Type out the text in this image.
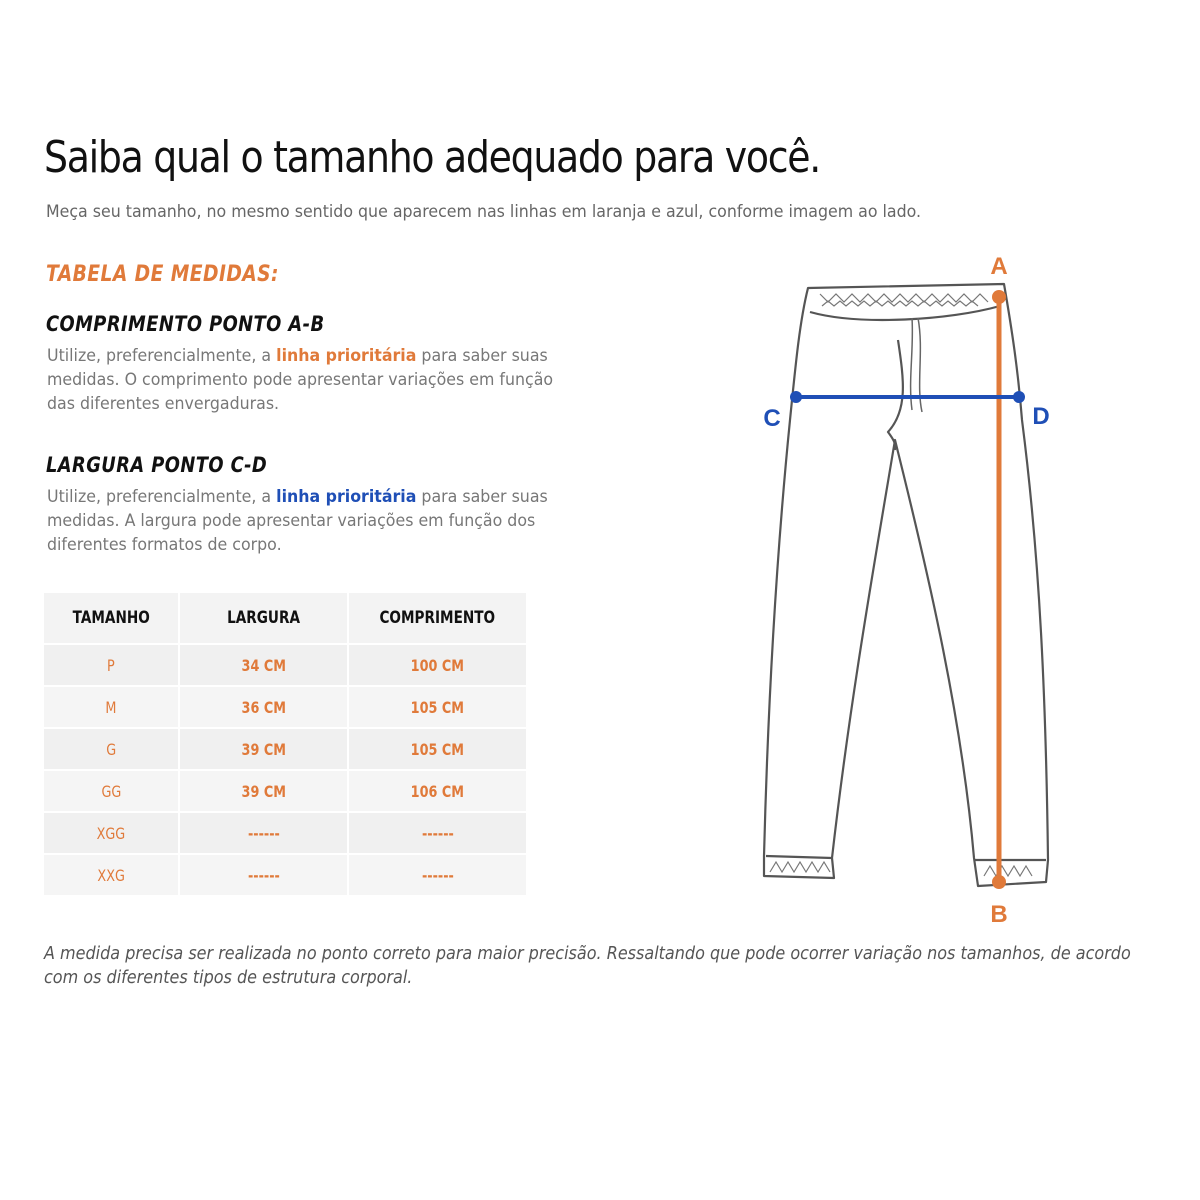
Saiba qual o tamanho adequado para você.
Meça seu tamanho, no mesmo sentido que aparecem nas linhas em laranja e azul, conforme imagem ao lado.
TABELA DE MEDIDAS:
COMPRIMENTO PONTO A-B
Utilize, preferencialmente, a linha prioritária para saber suas medidas. O comprimento pode apresentar variações em função das diferentes envergaduras.
LARGURA PONTO C-D
Utilize, preferencialmente, a linha prioritária para saber suas medidas. A largura pode apresentar variações em função dos diferentes formatos de corpo.
TAMANHO	LARGURA	COMPRIMENTO
P	34 CM	100 CM
M	36 CM	105 CM
G	39 CM	105 CM
GG	39 CM	106 CM
XGG	------	------
XXG	------	------
A
B
C	D
A medida precisa ser realizada no ponto correto para maior precisão. Ressaltando que pode ocorrer variação nos tamanhos, de acordo com os diferentes tipos de estrutura corporal.
